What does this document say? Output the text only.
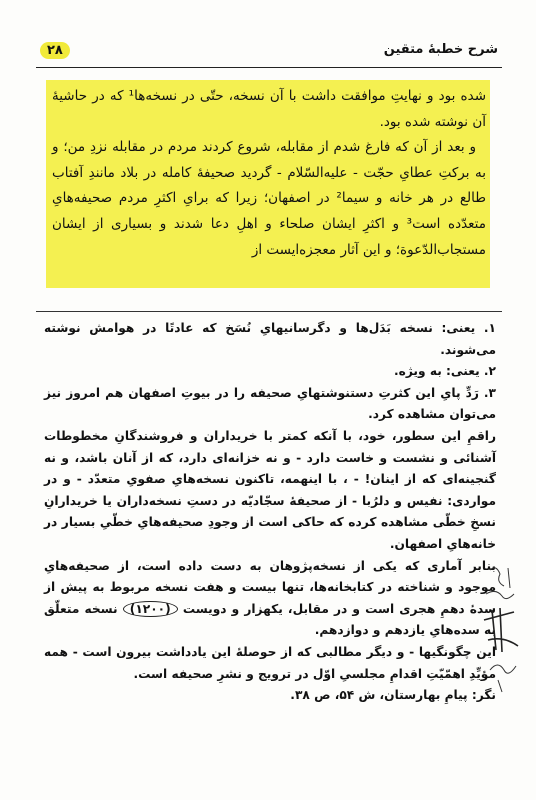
شرح خطبهٔ متقین
۲۸

شده بود و نهایتِ موافقت داشت با آن نسخه، حتّی در نسخه‌ها¹ که در حاشیهٔ آن نوشته شده بود.

و بعد از آن که فارغ شدم از مقابله، شروع کردند مردم در مقابله نزدِ من؛ و به برکتِ عطایِ حجّت - علیه‌السّلام - گردید صحیفهٔ کامله در بلاد مانندِ آفتاب طالع در هر خانه و سیما² در اصفهان؛ زیرا که برایِ اکثرِ مردم صحیفه‌هایِ متعدّده است³ و اکثرِ ایشان صلحاء و اهلِ دعا شدند و بسیاری از ایشان مستجاب‌الدّعوة؛ و این آثار معجزه‌ایست از

۱. یعنی: نسخه بَدَل‌ها و دگرسانیهایِ نُسَخ که عادتًا در هوامش نوشته می‌شوند.

۲. یعنی: به ویژه.

۳. رَدِّ پایِ این کثرتِ دستنوشتهایِ صحیفه را در بیوتِ اصفهان هم امروز نیز می‌توان مشاهده کرد.

راقمِ این سطور، خود، با آنکه کمتر با خریداران و فروشندگانِ مخطوطات آشنائی و نشست و خاست دارد - و نه خزانه‌ای دارد، که از آنان باشد، و نه گنجینه‌ای که از اینان! - ، با اینهمه، تاکنون نسخه‌هایِ صفویِ متعدّد - و در مواردی: نفیس و دلرُبا - از صحیفهٔ سجّادیّه در دستِ نسخه‌داران یا خریدارانِ نسخِ خطّی مشاهده کرده که حاکی است از وجودِ صحیفه‌هایِ خطّیِ بسیار در خانه‌هایِ اصفهان.

بنابر آماری که یکی از نسخه‌پژوهان به دست داده است، از صحیفه‌هایِ موجود و شناخته در کتابخانه‌ها، تنها بیست و هفت نسخه مربوط به پیش از سدهٔ دهمِ هجری است و در مقابل، یکهزار و دویست (۱۲۰۰) نسخه متعلّق به سده‌هایِ یازدهم و دوازدهم.

این چگونگیها - و دیگر مطالبی که از حوصلهٔ این یادداشت بیرون است - همه مؤیِّدِ اهمّیّتِ اقدامِ مجلسیِ اوّل در ترویج و نشرِ صحیفه است.

نگر: پیامِ بهارستان، ش ۵۴، ص ۳۸.
